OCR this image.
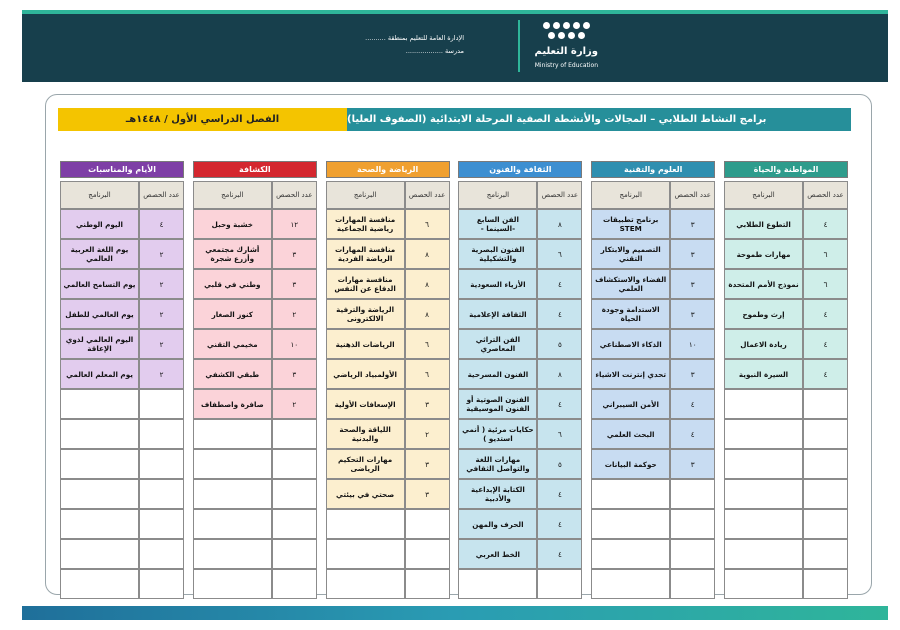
وزارة التعليم
Ministry of Education
الإدارة العامة للتعليم بمنطقة ..........
مدرسة ..................
برامج النشاط الطلابي – المجالات والأنشطة الصفية المرحلة الابتدائية (الصفوف العليا)
الفصل الدراسي الأول / ١٤٤٨هـ
المواطنة والحياة
عدد الحصص
البرنامج
٤
التطوع الطلابي
٦
مهارات طموحة
٦
نموذج الأمم المتحدة
٤
إرث وطموح
٤
ريادة الاعمال
٤
السيرة النبوية
العلوم والتقنية
عدد الحصص
البرنامج
٣
برنامج تطبيقات STEM
٣
التصميم والابتكار التقني
٣
الفضاء والاستكشاف العلمي
٣
الاستدامة وجودة الحياة
١٠
الذكاء الاصطناعي
٣
تحدي إنترنت الاشياء
٤
الأمن السيبراني
٤
البحث العلمي
٣
حوكمة البيانات
الثقافة والفنون
عدد الحصص
البرنامج
٨
الفن السابع -السينما -
٦
الفنون البصرية والتشكيلية
٤
الأزياء السعودية
٤
الثقافة الإعلامية
٥
الفن التراثي المعاصري
٨
الفنون المسرحية
٤
الفنون الصوتية أو الفنون الموسيقية
٦
حكايات مرئية ( أنمي استديو )
٥
مهارات اللغة والتواصل الثقافي
٤
الكتابة الإبداعية والأدبية
٤
الحرف والمهن
٤
الخط العربي
الرياضة والصحة
عدد الحصص
البرنامج
٦
منافسة المهارات رياضية الجماعية
٨
منافسة المهارات الرياضة الفردية
٨
منافسة مهارات الدفاع عن النفس
٨
الرياضة والترفية الالكترونى
٦
الرياضات الذهنية
٦
الأولمبياد الرياضي
٣
الإسعافات الأولية
٢
اللياقة والصحة والبدنية
٣
مهارات التحكيم الرياضى
٣
صحتي في بيئتي
الكشافة
عدد الحصص
البرنامج
١٢
خشبة وحبل
٣
أشارك مجتمعي وأزرع شجرة
٣
وطني في قلبي
٢
كنوز الصغار
١٠
مخيمي التقني
٣
طبقي الكشفي
٢
صافرة واصطفاف
الأيام والمناسبات
عدد الحصص
البرنامج
٤
اليوم الوطني
٢
يوم اللغة العربية العالمي
٢
يوم التسامح العالمي
٢
يوم العالمي للطفل
٢
اليوم العالمي لذوي الإعاقة
٢
يوم المعلم العالمي
